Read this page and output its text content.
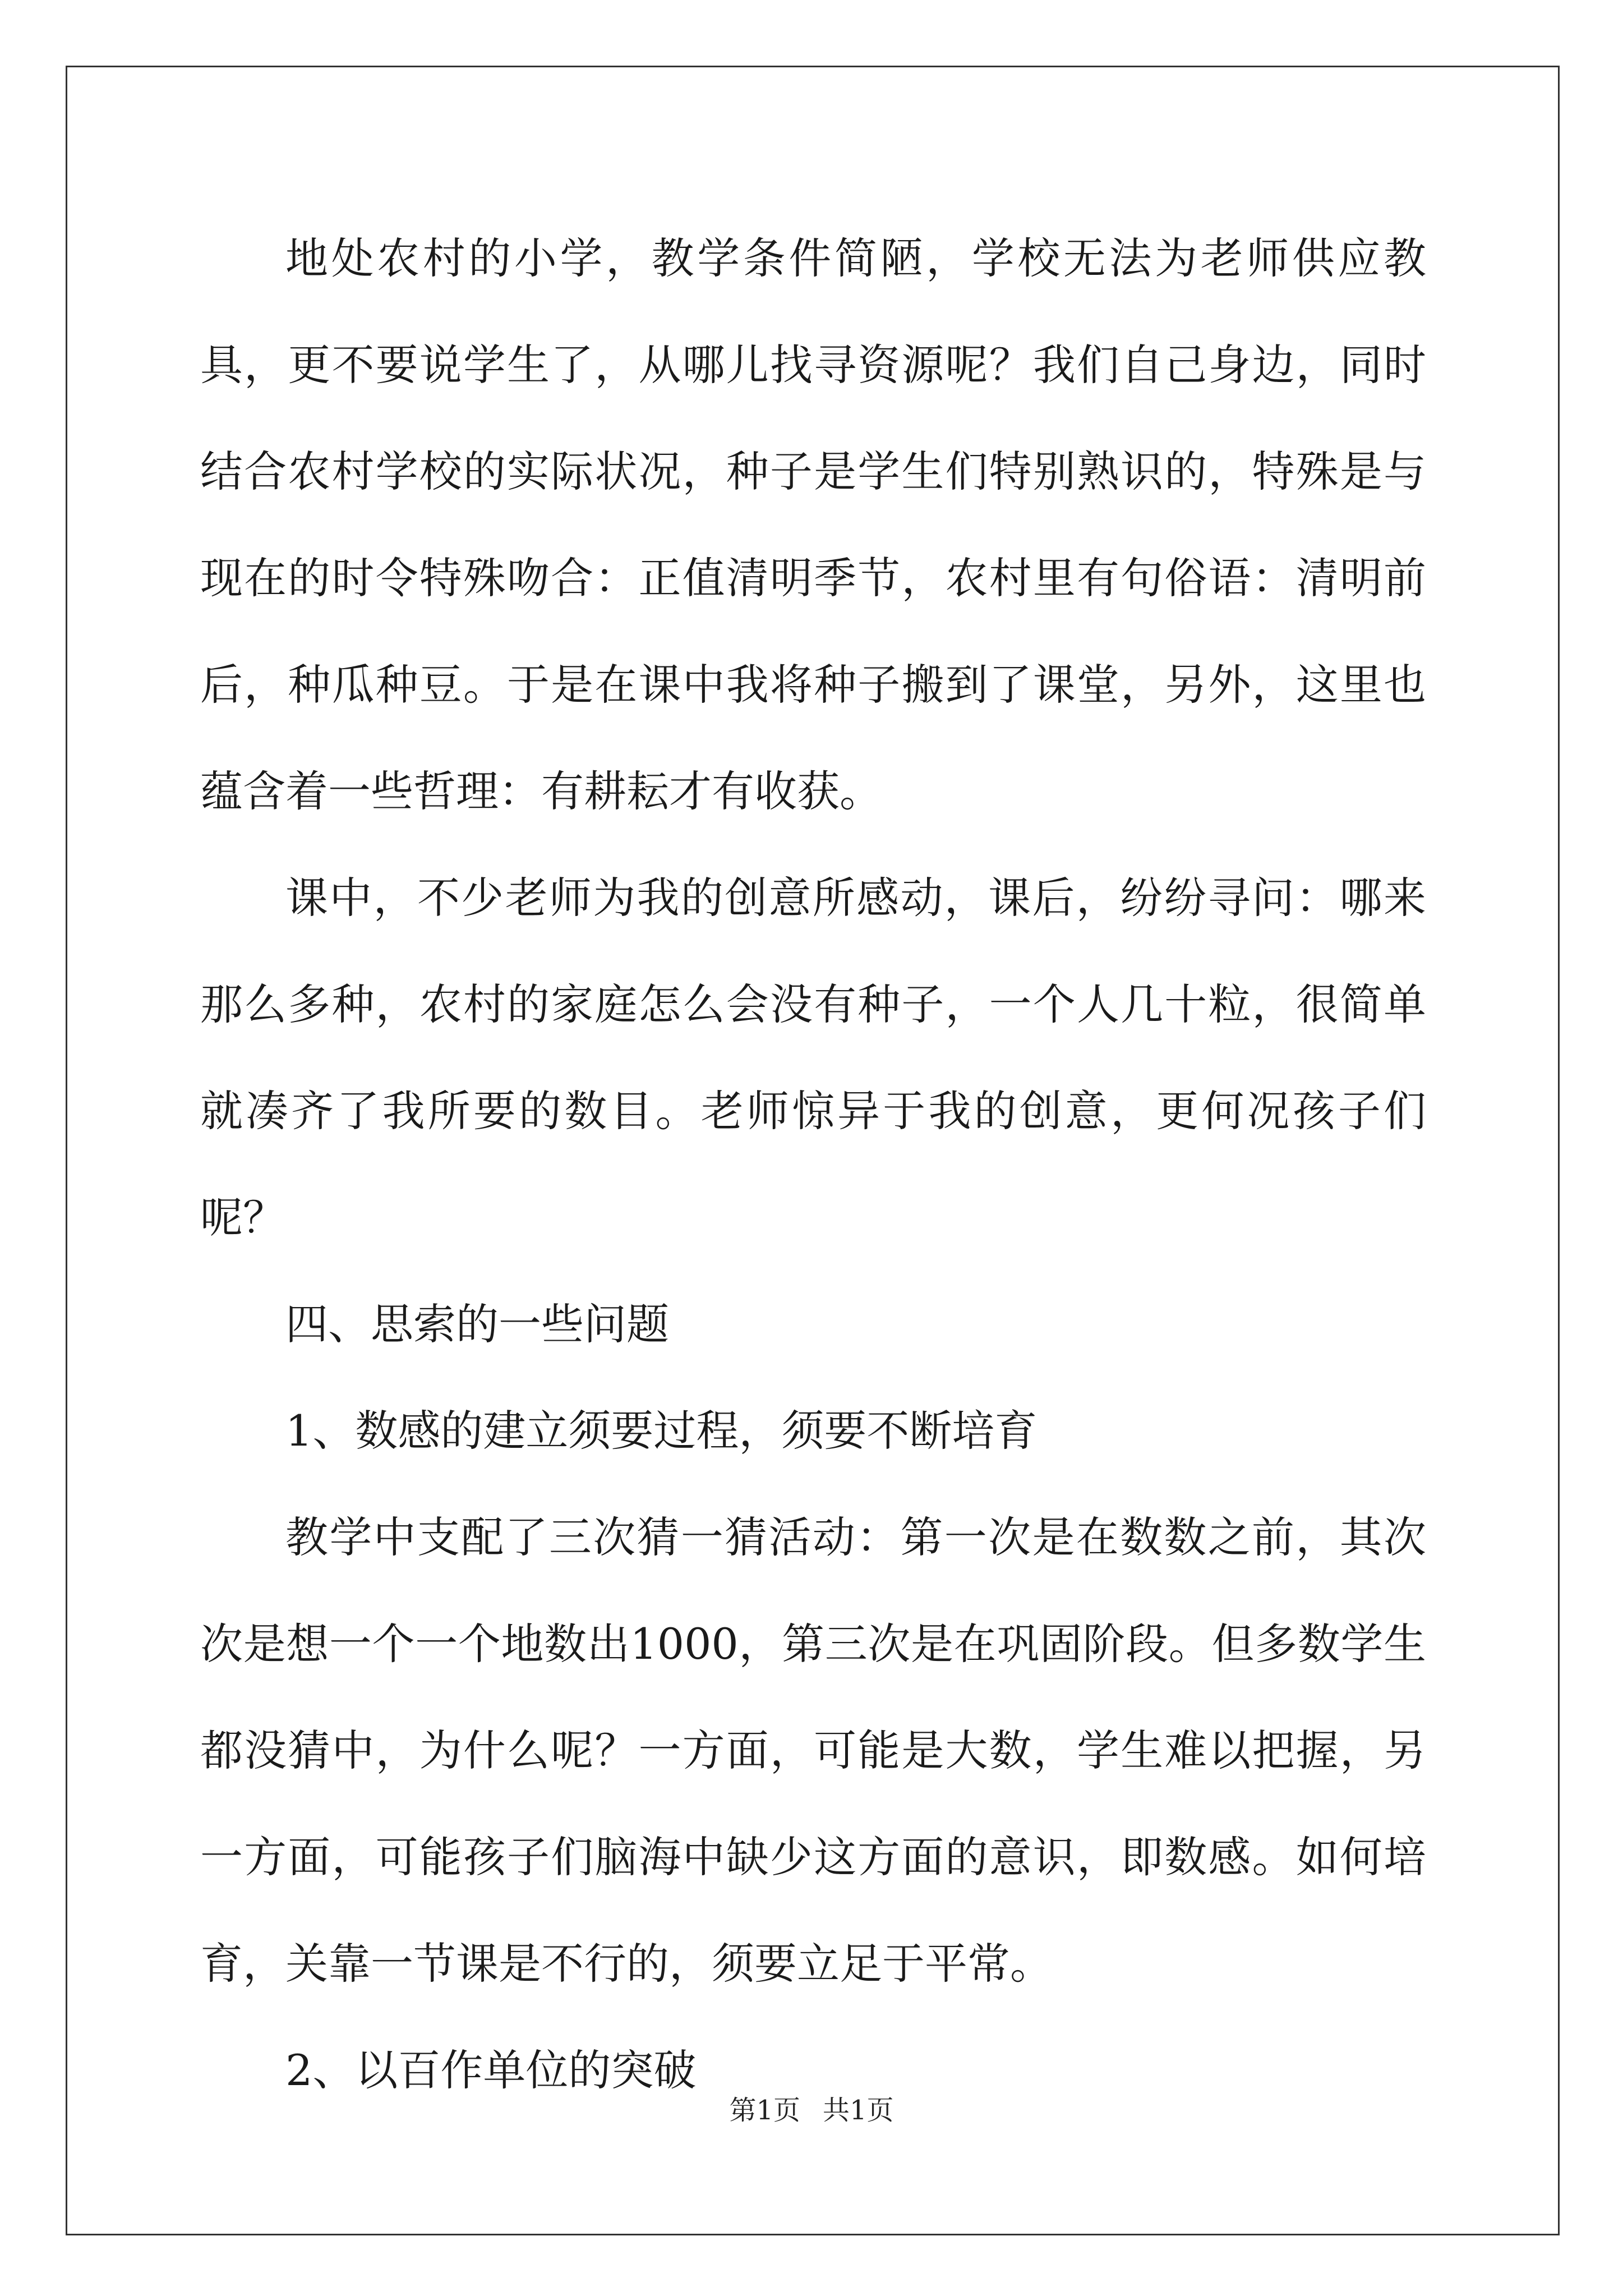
地处农村的小学，教学条件简陋，学校无法为老师供应教具，更不要说学生了，从哪儿找寻资源呢？我们自己身边，同时结合农村学校的实际状况，种子是学生们特别熟识的，特殊是与现在的时令特殊吻合：正值清明季节，农村里有句俗语：清明前后，种瓜种豆。于是在课中我将种子搬到了课堂，另外，这里也蕴含着一些哲理：有耕耘才有收获。

课中，不少老师为我的创意所感动，课后，纷纷寻问：哪来那么多种，农村的家庭怎么会没有种子，一个人几十粒，很简单就凑齐了我所要的数目。老师惊异于我的创意，更何况孩子们呢？

四、思索的一些问题

1、数感的建立须要过程，须要不断培育

教学中支配了三次猜一猜活动：第一次是在数数之前，其次次是想一个一个地数出1000，第三次是在巩固阶段。但多数学生都没猜中，为什么呢？一方面，可能是大数，学生难以把握，另一方面，可能孩子们脑海中缺少这方面的意识，即数感。如何培育，关靠一节课是不行的，须要立足于平常。

2、以百作单位的突破

第1页 共1页
